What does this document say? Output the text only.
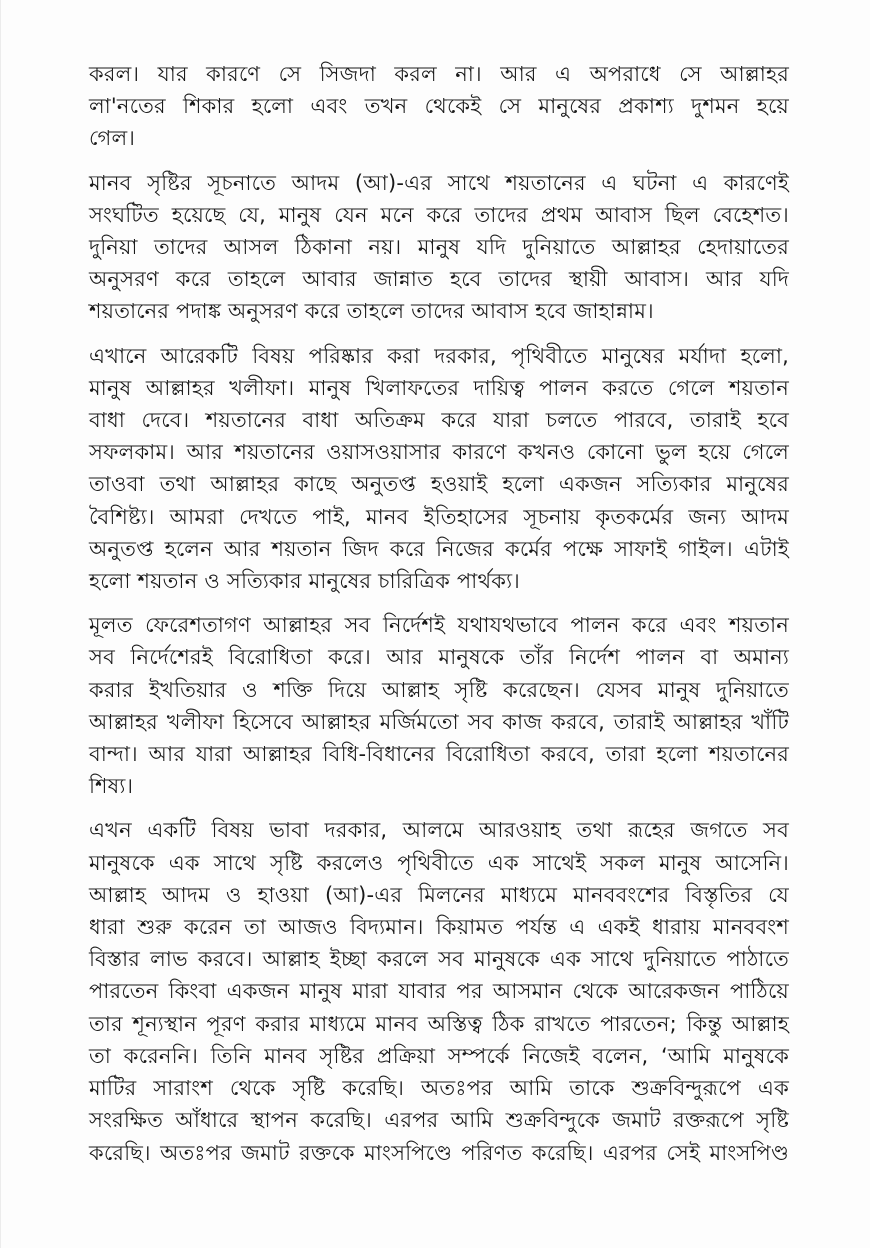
করল। যার কারণে সে সিজদা করল না। আর এ অপরাধে সে আল্লাহর
লা'নতের শিকার হলো এবং তখন থেকেই সে মানুষের প্রকাশ্য দুশমন হয়ে
গেল।

মানব সৃষ্টির সূচনাতে আদম (আ)-এর সাথে শয়তানের এ ঘটনা এ কারণেই
সংঘটিত হয়েছে যে, মানুষ যেন মনে করে তাদের প্রথম আবাস ছিল বেহেশত।
দুনিয়া তাদের আসল ঠিকানা নয়। মানুষ যদি দুনিয়াতে আল্লাহর হেদায়াতের
অনুসরণ করে তাহলে আবার জান্নাত হবে তাদের স্থায়ী আবাস। আর যদি
শয়তানের পদাঙ্ক অনুসরণ করে তাহলে তাদের আবাস হবে জাহান্নাম।

এখানে আরেকটি বিষয় পরিষ্কার করা দরকার, পৃথিবীতে মানুষের মর্যাদা হলো,
মানুষ আল্লাহর খলীফা। মানুষ খিলাফতের দায়িত্ব পালন করতে গেলে শয়তান
বাধা দেবে। শয়তানের বাধা অতিক্রম করে যারা চলতে পারবে, তারাই হবে
সফলকাম। আর শয়তানের ওয়াসওয়াসার কারণে কখনও কোনো ভুল হয়ে গেলে
তাওবা তথা আল্লাহর কাছে অনুতপ্ত হওয়াই হলো একজন সত্যিকার মানুষের
বৈশিষ্ট্য। আমরা দেখতে পাই, মানব ইতিহাসের সূচনায় কৃতকর্মের জন্য আদম
অনুতপ্ত হলেন আর শয়তান জিদ করে নিজের কর্মের পক্ষে সাফাই গাইল। এটাই
হলো শয়তান ও সত্যিকার মানুষের চারিত্রিক পার্থক্য।

মূলত ফেরেশতাগণ আল্লাহর সব নির্দেশই যথাযথভাবে পালন করে এবং শয়তান
সব নির্দেশেরই বিরোধিতা করে। আর মানুষকে তাঁর নির্দেশ পালন বা অমান্য
করার ইখতিয়ার ও শক্তি দিয়ে আল্লাহ সৃষ্টি করেছেন। যেসব মানুষ দুনিয়াতে
আল্লাহর খলীফা হিসেবে আল্লাহর মর্জিমতো সব কাজ করবে, তারাই আল্লাহর খাঁটি
বান্দা। আর যারা আল্লাহর বিধি-বিধানের বিরোধিতা করবে, তারা হলো শয়তানের
শিষ্য।

এখন একটি বিষয় ভাবা দরকার, আলমে আরওয়াহ তথা রূহের জগতে সব
মানুষকে এক সাথে সৃষ্টি করলেও পৃথিবীতে এক সাথেই সকল মানুষ আসেনি।
আল্লাহ আদম ও হাওয়া (আ)-এর মিলনের মাধ্যমে মানববংশের বিস্তৃতির যে
ধারা শুরু করেন তা আজও বিদ্যমান। কিয়ামত পর্যন্ত এ একই ধারায় মানববংশ
বিস্তার লাভ করবে। আল্লাহ ইচ্ছা করলে সব মানুষকে এক সাথে দুনিয়াতে পাঠাতে
পারতেন কিংবা একজন মানুষ মারা যাবার পর আসমান থেকে আরেকজন পাঠিয়ে
তার শূন্যস্থান পূরণ করার মাধ্যমে মানব অস্তিত্ব ঠিক রাখতে পারতেন; কিন্তু আল্লাহ
তা করেননি। তিনি মানব সৃষ্টির প্রক্রিয়া সম্পর্কে নিজেই বলেন, ‘আমি মানুষকে
মাটির সারাংশ থেকে সৃষ্টি করেছি। অতঃপর আমি তাকে শুক্রবিন্দুরূপে এক
সংরক্ষিত আঁধারে স্থাপন করেছি। এরপর আমি শুক্রবিন্দুকে জমাট রক্তরূপে সৃষ্টি
করেছি। অতঃপর জমাট রক্তকে মাংসপিণ্ডে পরিণত করেছি। এরপর সেই মাংসপিণ্ড
